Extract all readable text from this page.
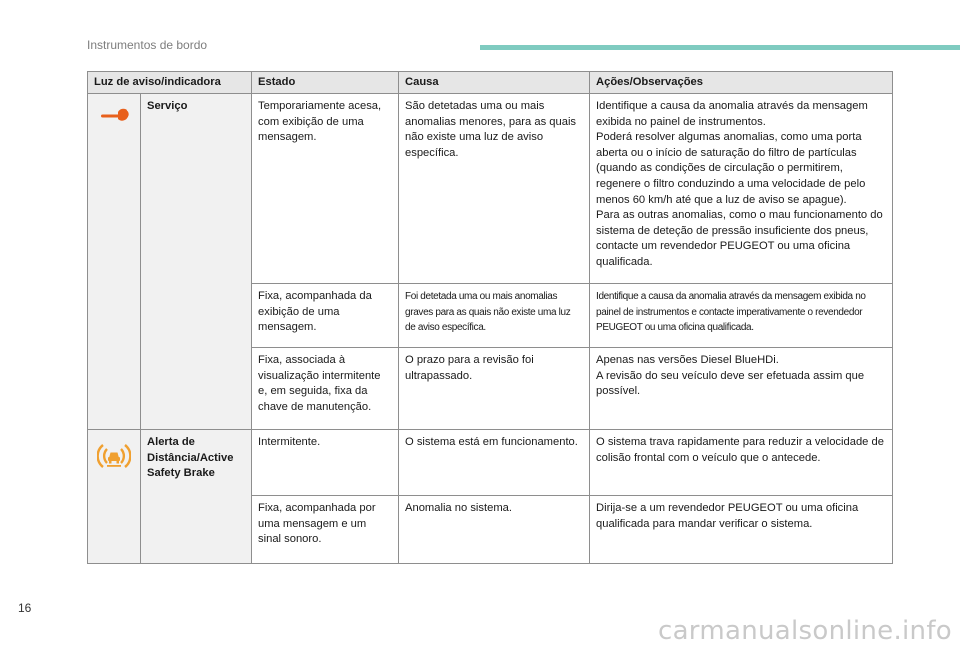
Instrumentos de bordo
Luz de aviso/indicadora		Estado	Causa	Ações/Observações
	Serviço	Temporariamente acesa, com exibição de uma mensagem.	São detetadas uma ou mais anomalias menores, para as quais não existe uma luz de aviso específica.	Identifique a causa da anomalia através da mensagem exibida no painel de instrumentos.
Poderá resolver algumas anomalias, como uma porta aberta ou o início de saturação do filtro de partículas (quando as condições de circulação o permitirem, regenere o filtro conduzindo a uma velocidade de pelo menos 60 km/h até que a luz de aviso se apague).
Para as outras anomalias, como o mau funcionamento do sistema de deteção de pressão insuficiente dos pneus, contacte um revendedor PEUGEOT ou uma oficina qualificada.
		Fixa, acompanhada da exibição de uma mensagem.	Foi detetada uma ou mais anomalias graves para as quais não existe uma luz de aviso específica.	Identifique a causa da anomalia através da mensagem exibida no painel de instrumentos e contacte imperativamente o revendedor PEUGEOT ou uma oficina qualificada.
		Fixa, associada à visualização intermitente e, em seguida, fixa da chave de manutenção.	O prazo para a revisão foi ultrapassado.	Apenas nas versões Diesel BlueHDi.
A revisão do seu veículo deve ser efetuada assim que possível.
	Alerta de Distância/Active Safety Brake	Intermitente.	O sistema está em funcionamento.	O sistema trava rapidamente para reduzir a velocidade de colisão frontal com o veículo que o antecede.
		Fixa, acompanhada por uma mensagem e um sinal sonoro.	Anomalia no sistema.	Dirija-se a um revendedor PEUGEOT ou uma oficina qualificada para mandar verificar o sistema.
16
carmanualsonline.info
